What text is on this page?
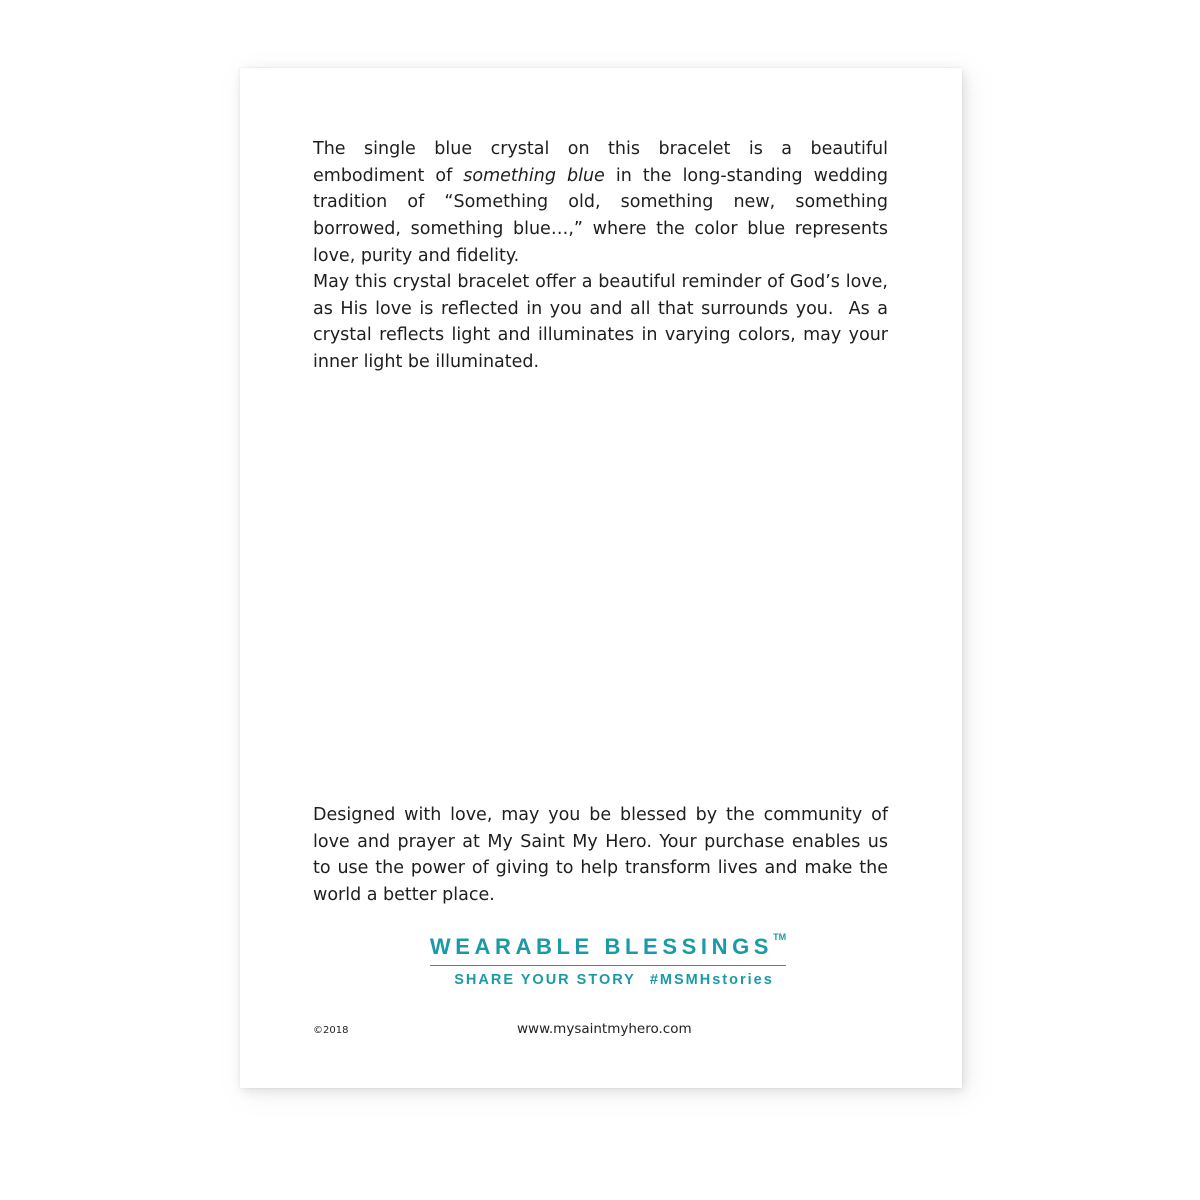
The single blue crystal on this bracelet is a beautiful embodiment of something blue in the long-standing wedding tradition of “Something old, something new, something borrowed, something blue…,” where the color blue represents love, purity and fidelity.

May this crystal bracelet offer a beautiful reminder of God’s love, as His love is reflected in you and all that surrounds you.  As a crystal reflects light and illuminates in varying colors, may your inner light be illuminated.

Designed with love, may you be blessed by the community of love and prayer at My Saint My Hero. Your purchase enables us to use the power of giving to help transform lives and make the world a better place.

WEARABLE BLESSINGS™
SHARE YOUR STORY #MSMHstories
©2018	www.mysaintmyhero.com
